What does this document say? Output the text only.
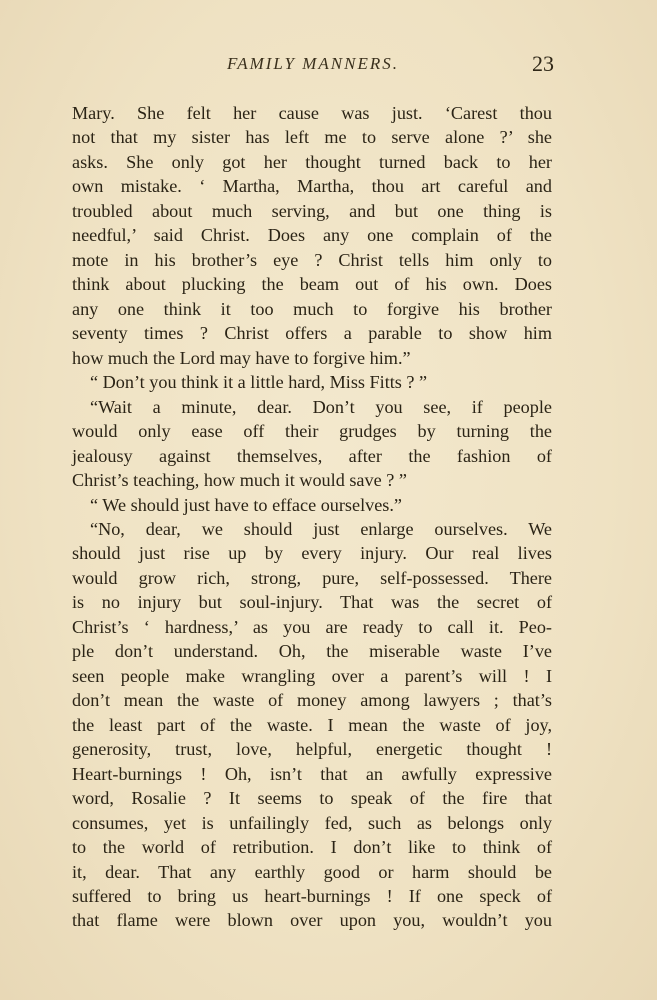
FAMILY MANNERS.	23
Mary. She felt her cause was just. ‘Carest thou
not that my sister has left me to serve alone ?’ she
asks. She only got her thought turned back to her
own mistake. ‘ Martha, Martha, thou art careful and
troubled about much serving, and but one thing is
needful,’ said Christ. Does any one complain of the
mote in his brother’s eye ? Christ tells him only to
think about plucking the beam out of his own. Does
any one think it too much to forgive his brother
seventy times ? Christ offers a parable to show him
how much the Lord may have to forgive him.”
“ Don’t you think it a little hard, Miss Fitts ? ”
“Wait a minute, dear. Don’t you see, if people
would only ease off their grudges by turning the
jealousy against themselves, after the fashion of
Christ’s teaching, how much it would save ? ”
“ We should just have to efface ourselves.”
“No, dear, we should just enlarge ourselves. We
should just rise up by every injury. Our real lives
would grow rich, strong, pure, self-possessed. There
is no injury but soul-injury. That was the secret of
Christ’s ‘ hardness,’ as you are ready to call it. Peo-
ple don’t understand. Oh, the miserable waste I’ve
seen people make wrangling over a parent’s will ! I
don’t mean the waste of money among lawyers ; that’s
the least part of the waste. I mean the waste of joy,
generosity, trust, love, helpful, energetic thought !
Heart-burnings ! Oh, isn’t that an awfully expressive
word, Rosalie ? It seems to speak of the fire that
consumes, yet is unfailingly fed, such as belongs only
to the world of retribution. I don’t like to think of
it, dear. That any earthly good or harm should be
suffered to bring us heart-burnings ! If one speck of
that flame were blown over upon you, wouldn’t you
